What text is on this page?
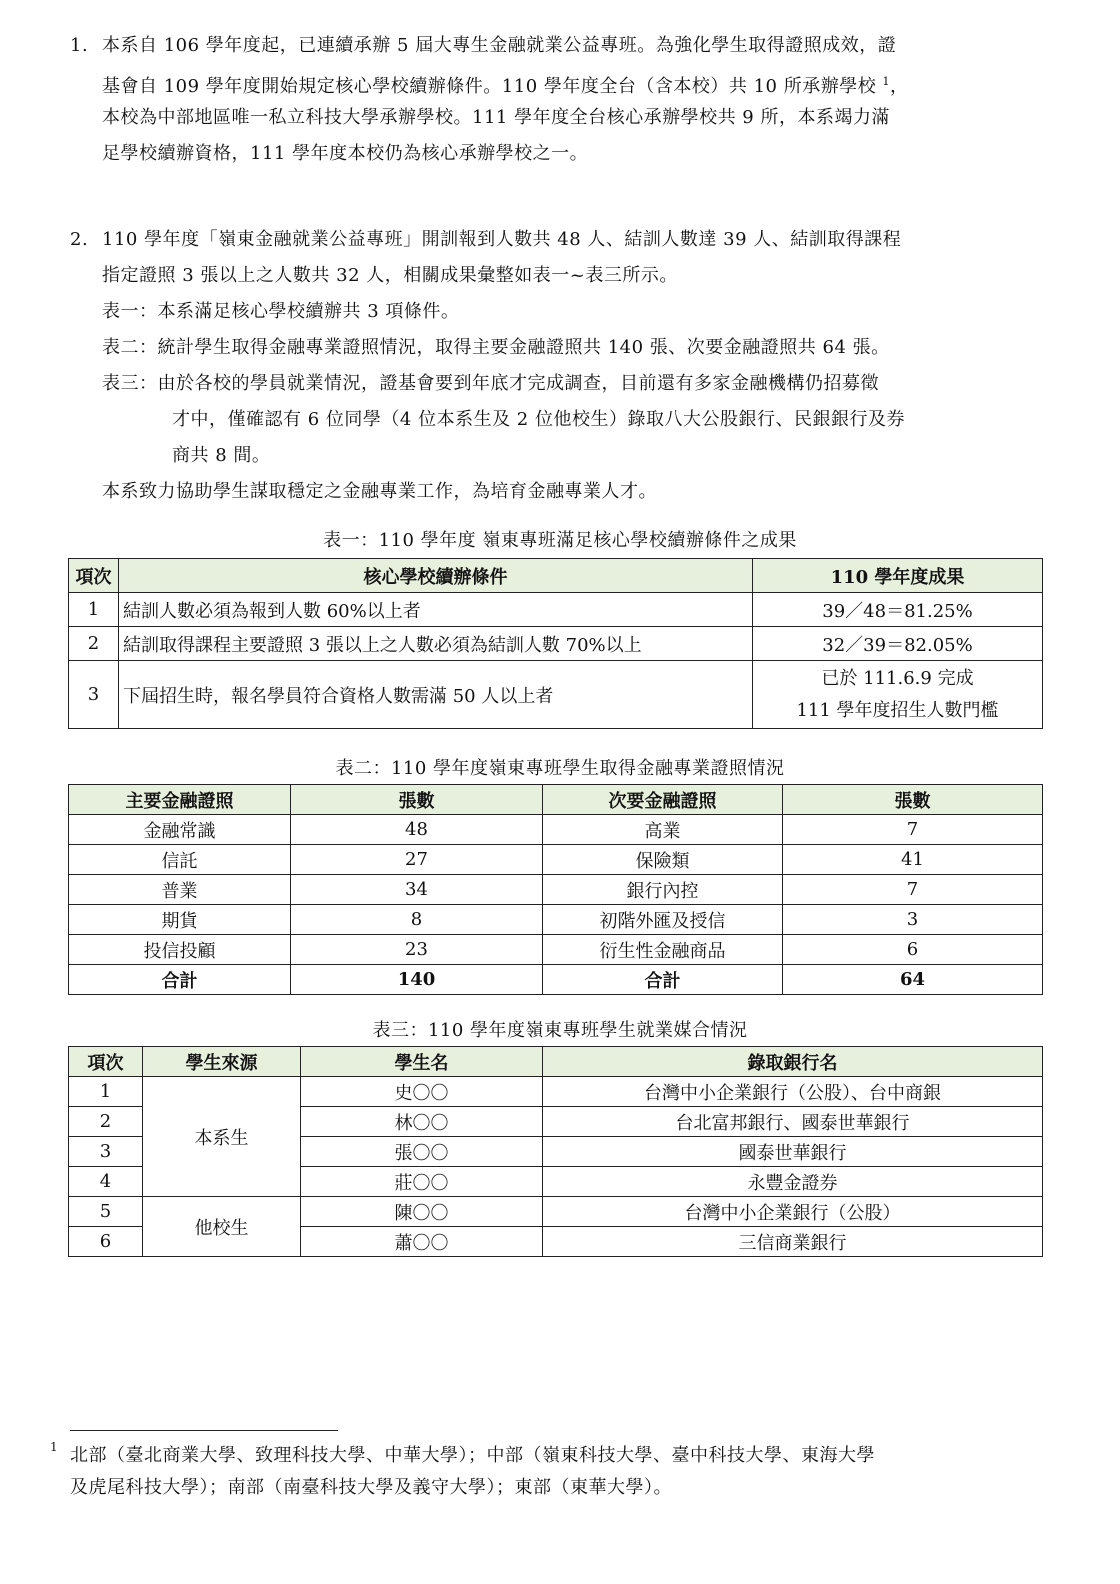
1. 本系自 106 學年度起，已連續承辦 5 屆大專生金融就業公益專班。為強化學生取得證照成效，證
基會自 109 學年度開始規定核心學校續辦條件。110 學年度全台（含本校）共 10 所承辦學校 $^1$，
本校為中部地區唯一私立科技大學承辦學校。111 學年度全台核心承辦學校共 9 所，本系竭力滿
足學校續辦資格，111 學年度本校仍為核心承辦學校之一。
2. 110 學年度「嶺東金融就業公益專班」開訓報到人數共 48 人、結訓人數達 39 人、結訓取得課程
指定證照 3 張以上之人數共 32 人，相關成果彙整如表一~表三所示。
表一：本系滿足核心學校續辦共 3 項條件。
表二：統計學生取得金融專業證照情況，取得主要金融證照共 140 張、次要金融證照共 64 張。
表三：由於各校的學員就業情況，證基會要到年底才完成調查，目前還有多家金融機構仍招募徵
才中，僅確認有 6 位同學（4 位本系生及 2 位他校生）錄取八大公股銀行、民銀銀行及券
商共 8 間。
本系致力協助學生謀取穩定之金融專業工作，為培育金融專業人才。
表一：110 學年度 嶺東專班滿足核心學校續辦條件之成果
項次	核心學校續辦條件	110 學年度成果
1	結訓人數必須為報到人數 60%以上者	39／48＝81.25%
2	結訓取得課程主要證照 3 張以上之人數必須為結訓人數 70%以上	32／39＝82.05%
3	下屆招生時，報名學員符合資格人數需滿 50 人以上者	已於 111.6.9 完成
111 學年度招生人數門檻
表二：110 學年度嶺東專班學生取得金融專業證照情況
主要金融證照	張數	次要金融證照	張數
金融常識	48	高業	7
信託	27	保險類	41
普業	34	銀行內控	7
期貨	8	初階外匯及授信	3
投信投顧	23	衍生性金融商品	6
合計	140	合計	64
表三：110 學年度嶺東專班學生就業媒合情況
項次	學生來源	學生名	錄取銀行名
1	本系生	史〇〇	台灣中小企業銀行（公股）、台中商銀
2		林〇〇	台北富邦銀行、國泰世華銀行
3		張〇〇	國泰世華銀行
4		莊〇〇	永豐金證券
5	他校生	陳〇〇	台灣中小企業銀行（公股）
6		蕭〇〇	三信商業銀行
1 北部（臺北商業大學、致理科技大學、中華大學）；中部（嶺東科技大學、臺中科技大學、東海大學
及虎尾科技大學）；南部（南臺科技大學及義守大學）；東部（東華大學）。
